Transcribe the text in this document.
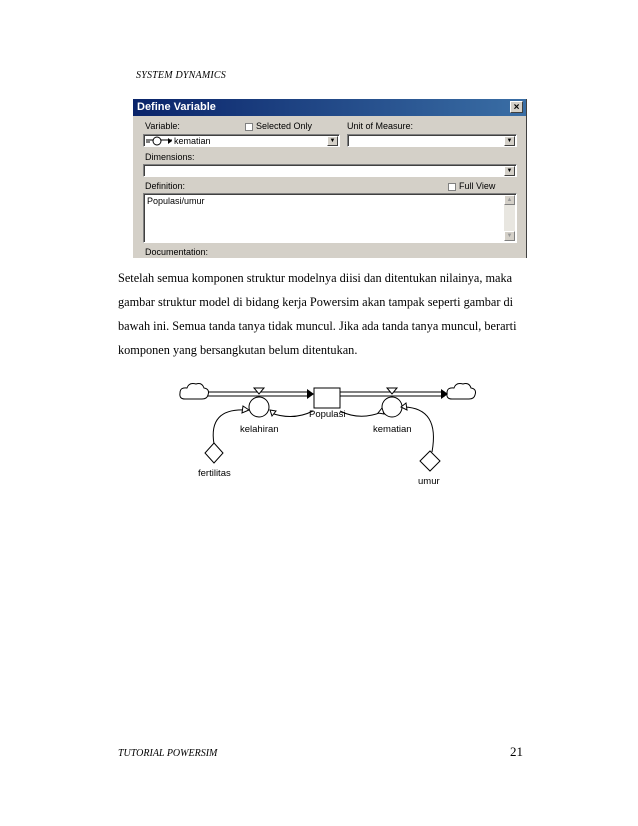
SYSTEM DYNAMICS
Define Variable	×
Variable:	Selected Only	Unit of Measure:
kematian	▼	▼
Dimensions:
▼
Definition:	Full View
Populasi/umur	▲
▼
Documentation:
Setelah semua komponen struktur modelnya diisi dan ditentukan nilainya, maka
gambar struktur model di bidang kerja Powersim akan tampak seperti gambar di
bawah ini. Semua tanda tanya tidak muncul. Jika ada tanda tanya muncul, berarti
komponen yang bersangkutan belum ditentukan.
Populasi
kelahiran	kematian
fertilitas
umur
TUTORIAL POWERSIM	21
